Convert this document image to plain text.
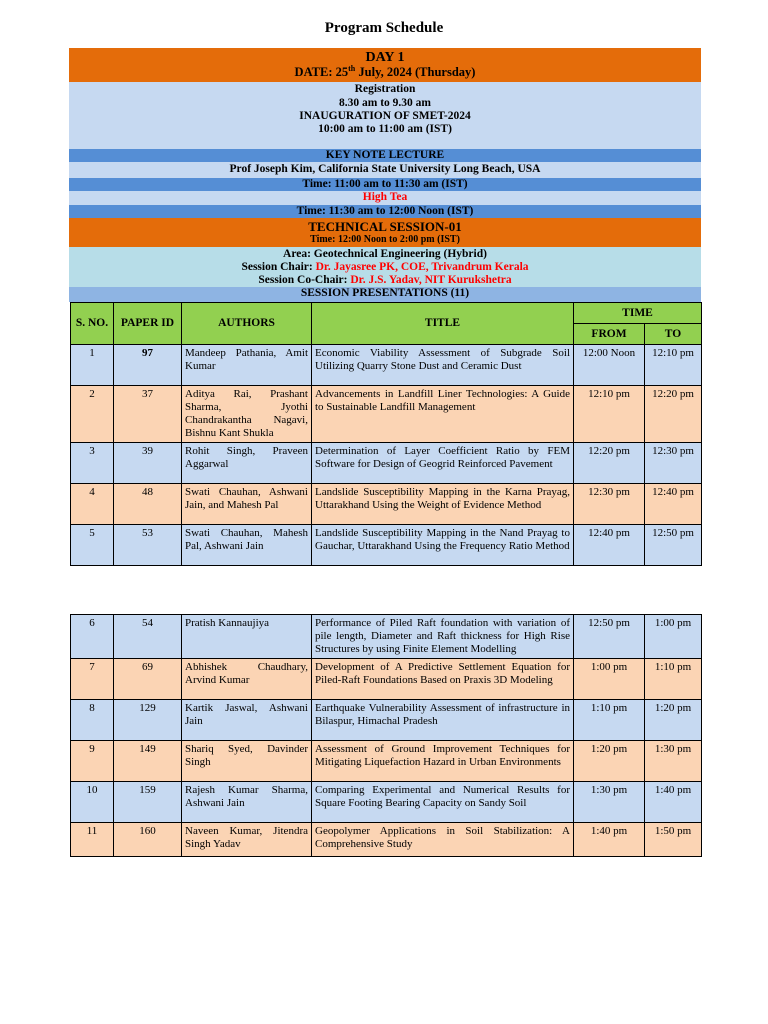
Program Schedule
DAY 1
DATE: 25th July, 2024 (Thursday)
Registration
8.30 am to 9.30 am
INAUGURATION OF SMET-2024
10:00 am to 11:00 am (IST)
KEY NOTE LECTURE
Prof Joseph Kim, California State University Long Beach, USA
Time: 11:00 am to 11:30 am (IST)
High Tea
Time: 11:30 am to 12:00 Noon (IST)
TECHNICAL SESSION-01
Time: 12:00 Noon to 2:00 pm (IST)
Area: Geotechnical Engineering (Hybrid)
Session Chair: Dr. Jayasree PK, COE, Trivandrum Kerala
Session Co-Chair: Dr. J.S. Yadav, NIT Kurukshetra
SESSION PRESENTATIONS (11)
S. NO.	PAPER ID	AUTHORS	TITLE	TIME	
				FROM	TO
1	97	Mandeep Pathania, Amit Kumar	Economic Viability Assessment of Subgrade Soil Utilizing Quarry Stone Dust and Ceramic Dust	12:00 Noon	12:10 pm
2	37	Aditya Rai, Prashant Sharma, Jyothi Chandrakantha Nagavi, Bishnu Kant Shukla	Advancements in Landfill Liner Technologies: A Guide to Sustainable Landfill Management	12:10 pm	12:20 pm
3	39	Rohit Singh, Praveen Aggarwal	Determination of Layer Coefficient Ratio by FEM Software for Design of Geogrid Reinforced Pavement	12:20 pm	12:30 pm
4	48	Swati Chauhan, Ashwani Jain, and Mahesh Pal	Landslide Susceptibility Mapping in the Karna Prayag, Uttarakhand Using the Weight of Evidence Method	12:30 pm	12:40 pm
5	53	Swati Chauhan, Mahesh Pal, Ashwani Jain	Landslide Susceptibility Mapping in the Nand Prayag to Gauchar, Uttarakhand Using the Frequency Ratio Method	12:40 pm	12:50 pm
6	54	Pratish Kannaujiya	Performance of Piled Raft foundation with variation of pile length, Diameter and Raft thickness for High Rise Structures by using Finite Element Modelling	12:50 pm	1:00 pm
7	69	Abhishek Chaudhary, Arvind Kumar	Development of A Predictive Settlement Equation for Piled-Raft Foundations Based on Praxis 3D Modeling	1:00 pm	1:10 pm
8	129	Kartik Jaswal, Ashwani Jain	Earthquake Vulnerability Assessment of infrastructure in Bilaspur, Himachal Pradesh	1:10 pm	1:20 pm
9	149	Shariq Syed, Davinder Singh	Assessment of Ground Improvement Techniques for Mitigating Liquefaction Hazard in Urban Environments	1:20 pm	1:30 pm
10	159	Rajesh Kumar Sharma, Ashwani Jain	Comparing Experimental and Numerical Results for Square Footing Bearing Capacity on Sandy Soil	1:30 pm	1:40 pm
11	160	Naveen Kumar, Jitendra Singh Yadav	Geopolymer Applications in Soil Stabilization: A Comprehensive Study	1:40 pm	1:50 pm
